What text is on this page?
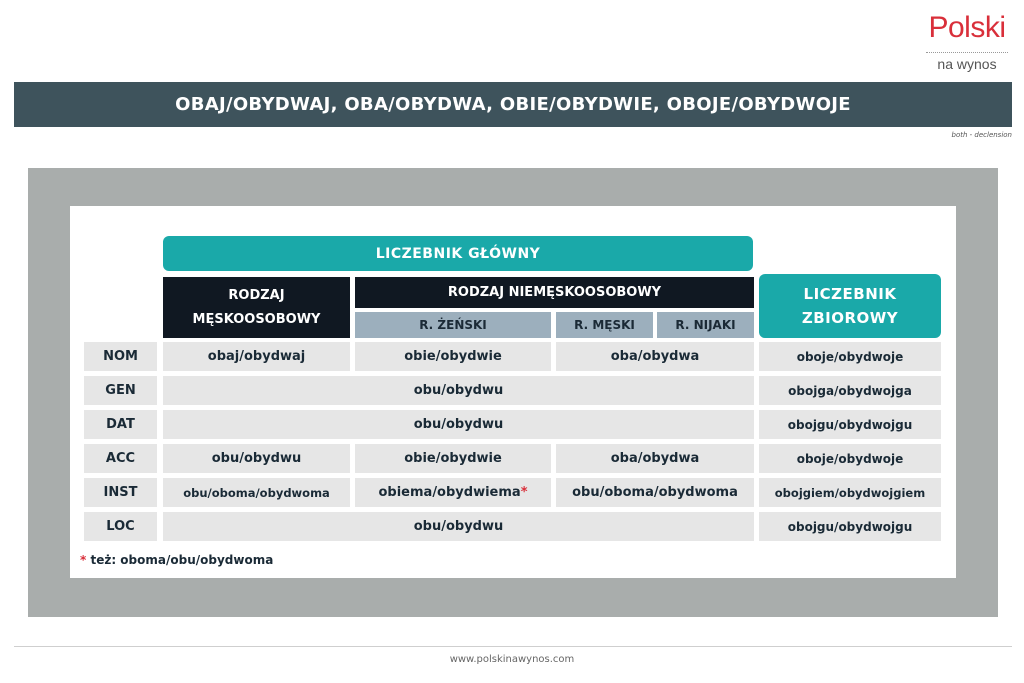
Polski
na wynos
OBAJ/OBYDWAJ, OBA/OBYDWA, OBIE/OBYDWIE, OBOJE/OBYDWOJE
both - declension
LICZEBNIK GŁÓWNY
RODZAJ
MĘSKOOSOBOWY
RODZAJ NIEMĘSKOOSOBOWY
R. ŻEŃSKI	R. MĘSKI	R. NIJAKI
LICZEBNIK
ZBIOROWY
NOM	obaj/obydwaj	obie/obydwie	oba/obydwa	oboje/obydwoje
GEN	obu/obydwu	obojga/obydwojga
DAT	obu/obydwu	obojgu/obydwojgu
ACC	obu/obydwu	obie/obydwie	oba/obydwa	oboje/obydwoje
INST	obu/oboma/obydwoma	obiema/obydwiema *	obu/oboma/obydwoma	obojgiem/obydwojgiem
LOC	obu/obydwu	obojgu/obydwojgu
* też: oboma/obu/obydwoma
www.polskinawynos.com
